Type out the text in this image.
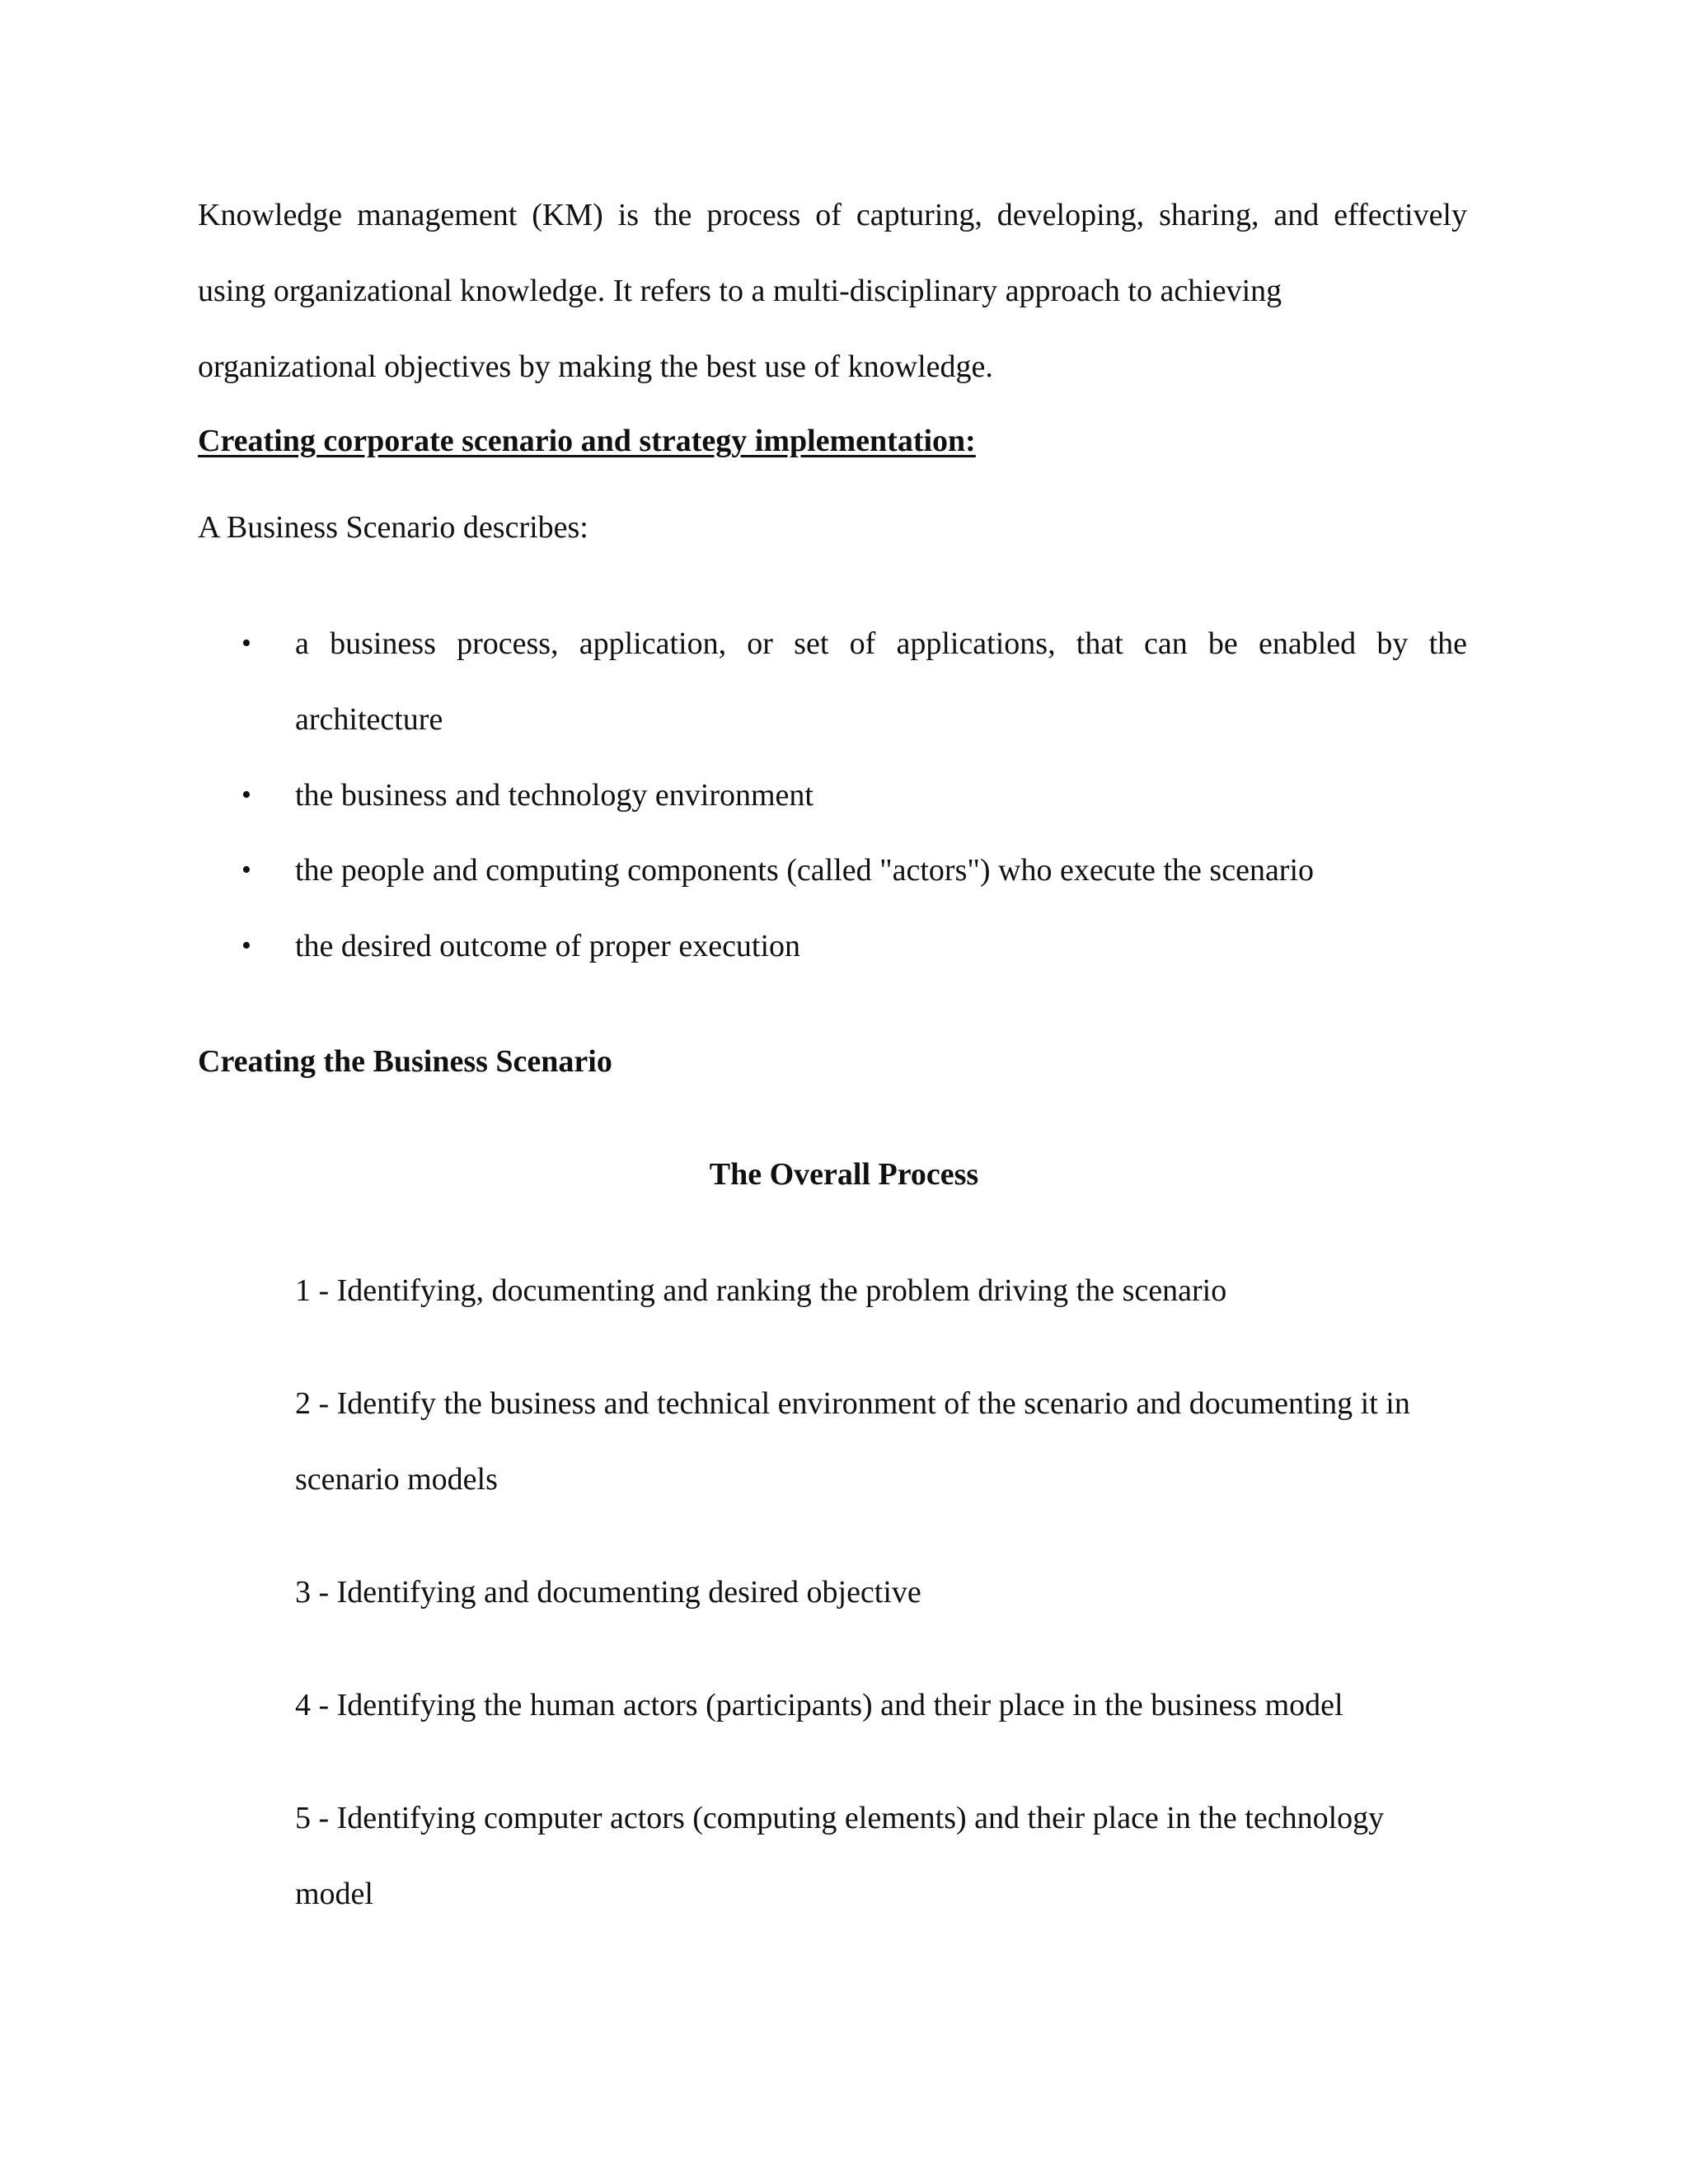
Knowledge management (KM) is the process of capturing, developing, sharing, and effectively
using organizational knowledge. It refers to a multi-disciplinary approach to achieving
organizational objectives by making the best use of knowledge.
Creating corporate scenario and strategy implementation:
A Business Scenario describes:
• a business process, application, or set of applications, that can be enabled by the
architecture
• the business and technology environment
• the people and computing components (called "actors") who execute the scenario
• the desired outcome of proper execution
Creating the Business Scenario
The Overall Process
1 - Identifying, documenting and ranking the problem driving the scenario
2 - Identify the business and technical environment of the scenario and documenting it in
scenario models
3 - Identifying and documenting desired objective
4 - Identifying the human actors (participants) and their place in the business model
5 - Identifying computer actors (computing elements) and their place in the technology
model
